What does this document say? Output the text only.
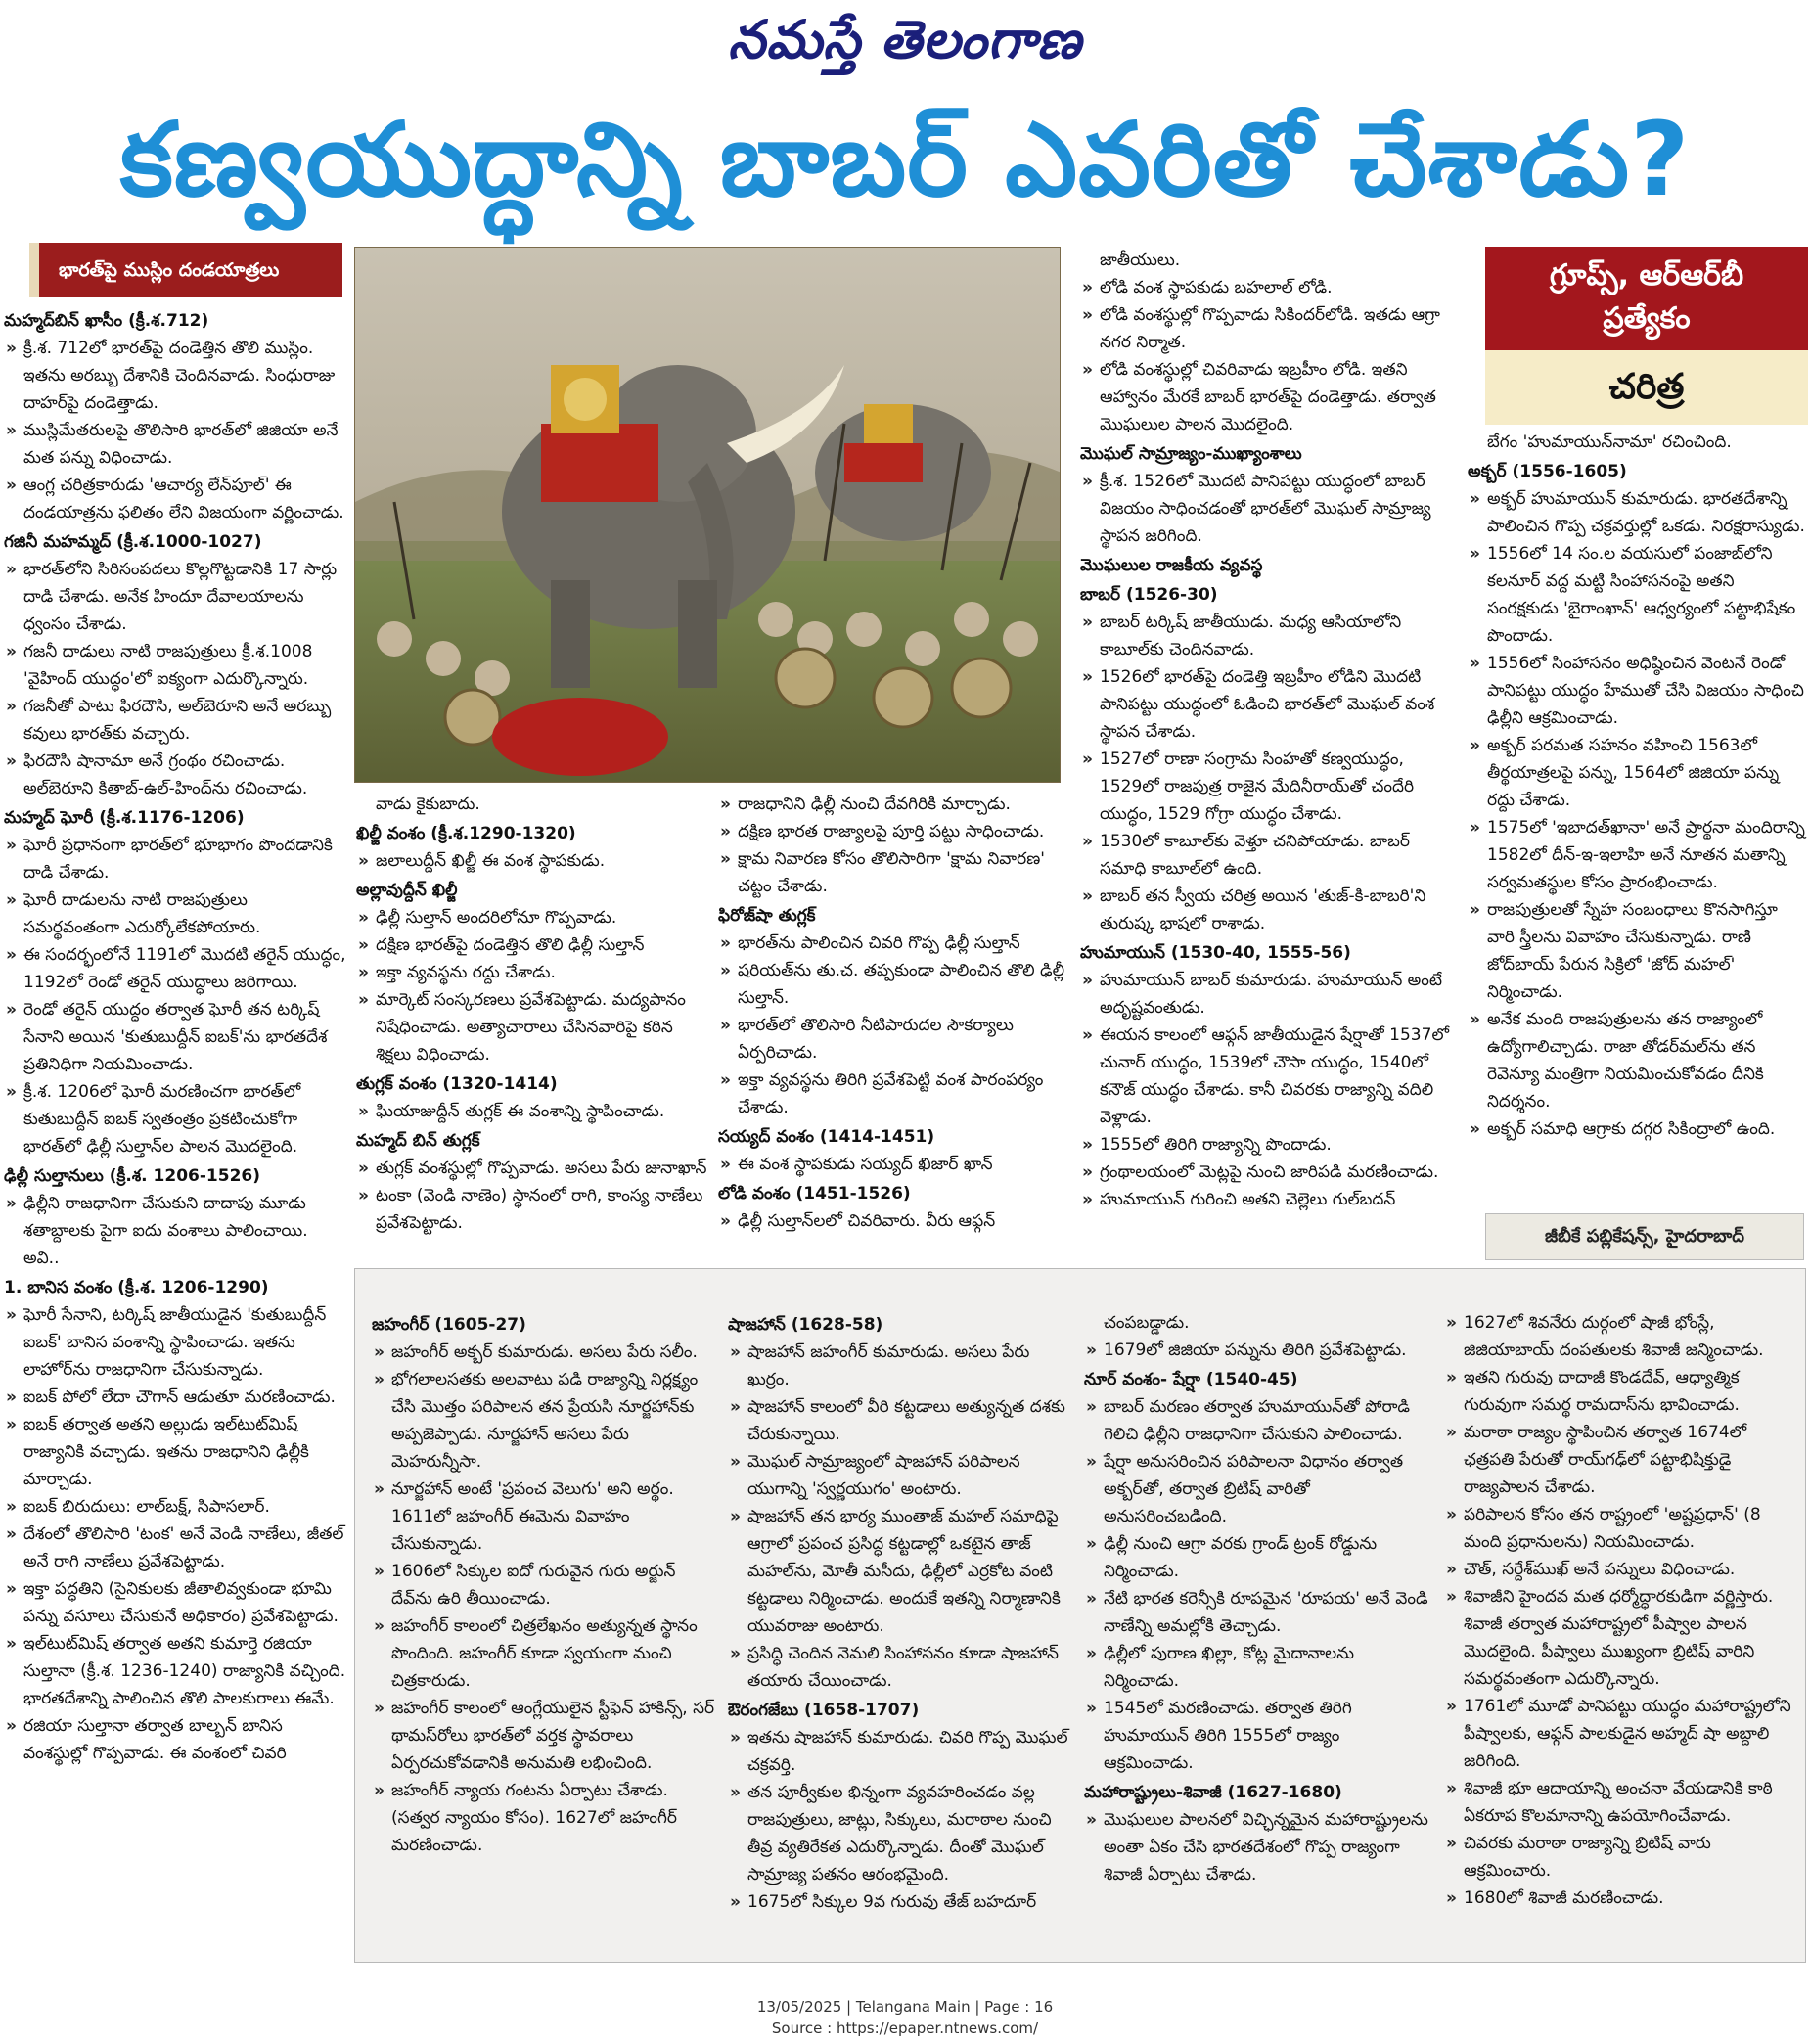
నమస్తే తెలంగాణ
కణ్వయుద్ధాన్ని బాబర్ ఎవరితో చేశాడు?
భారత్‌పై ముస్లిం దండయాత్రలు
మహ్మద్‌బిన్ ఖాసీం (క్రీ.శ.712)
» క్రీ.శ. 712లో భారత్‌పై దండెత్తిన తొలి ముస్లిం. ఇతను అరబ్బు దేశానికి చెందినవాడు. సింధురాజు దాహర్‌పై దండెత్తాడు.
» ముస్లిమేతరులపై తొలిసారి భారత్‌లో జిజియా అనే మత పన్ను విధించాడు.
» ఆంగ్ల చరిత్రకారుడు 'ఆచార్య లేన్‌పూల్' ఈ దండయాత్రను ఫలితం లేని విజయంగా వర్ణించాడు.
గజినీ మహమ్మద్ (క్రీ.శ.1000-1027)
» భారత్‌లోని సిరిసంపదలు కొల్లగొట్టడానికి 17 సార్లు దాడి చేశాడు. అనేక హిందూ దేవాలయాలను ధ్వంసం చేశాడు.
» గజనీ దాడులు నాటి రాజపుత్రులు క్రీ.శ.1008 'వైహింద్ యుద్ధం'లో ఐక్యంగా ఎదుర్కొన్నారు.
» గజనీతో పాటు ఫిరదౌసి, అల్‌బెరూని అనే అరబ్బు కవులు భారత్‌కు వచ్చారు.
» ఫిరదౌసి షానామా అనే గ్రంథం రచించాడు. అల్‌బెరూని కితాబ్-ఉల్-హింద్‌ను రచించాడు.
మహ్మద్ ఘోరీ (క్రీ.శ.1176-1206)
» ఘోరీ ప్రధానంగా భారత్‌లో భూభాగం పొందడానికి దాడి చేశాడు.
» ఘోరీ దాడులను నాటి రాజపుత్రులు సమర్థవంతంగా ఎదుర్కోలేకపోయారు.
» ఈ సందర్భంలోనే 1191లో మొదటి తరైన్ యుద్ధం, 1192లో రెండో తరైన్ యుద్ధాలు జరిగాయి.
» రెండో తరైన్ యుద్ధం తర్వాత ఘోరీ తన టర్కిష్ సేనాని అయిన 'కుతుబుద్దీన్ ఐబక్'ను భారతదేశ ప్రతినిధిగా నియమించాడు.
» క్రీ.శ. 1206లో ఘోరీ మరణించగా భారత్‌లో కుతుబుద్దీన్ ఐబక్ స్వతంత్రం ప్రకటించుకోగా భారత్‌లో ఢిల్లీ సుల్తాన్‌ల పాలన మొదలైంది.
ఢిల్లీ సుల్తానులు (క్రీ.శ. 1206-1526)
» ఢిల్లీని రాజధానిగా చేసుకుని దాదాపు మూడు శతాబ్దాలకు పైగా ఐదు వంశాలు పాలించాయి. అవి..
1. బానిస వంశం (క్రీ.శ. 1206-1290)
» ఘోరీ సేనాని, టర్కిష్ జాతీయుడైన 'కుతుబుద్దీన్ ఐబక్' బానిస వంశాన్ని స్థాపించాడు. ఇతను లాహోర్‌ను రాజధానిగా చేసుకున్నాడు.
» ఐబక్ పోలో లేదా చౌగాన్ ఆడుతూ మరణించాడు.
» ఐబక్ తర్వాత అతని అల్లుడు ఇల్‌టుట్‌మిష్ రాజ్యానికి వచ్చాడు. ఇతను రాజధానిని ఢిల్లీకి మార్చాడు.
» ఐబక్ బిరుదులు: లాల్‌బక్ష్, సిపాసలార్.
» దేశంలో తొలిసారి 'టంక' అనే వెండి నాణేలు, జీతల్ అనే రాగి నాణేలు ప్రవేశపెట్టాడు.
» ఇక్తా పద్ధతిని (సైనికులకు జీతాలివ్వకుండా భూమి పన్ను వసూలు చేసుకునే అధికారం) ప్రవేశపెట్టాడు.
» ఇల్‌టుట్‌మిష్ తర్వాత అతని కుమార్తె రజియా సుల్తానా (క్రీ.శ. 1236-1240) రాజ్యానికి వచ్చింది. భారతదేశాన్ని పాలించిన తొలి పాలకురాలు ఈమే.
» రజియా సుల్తానా తర్వాత బాల్బన్ బానిస వంశస్థుల్లో గొప్పవాడు. ఈ వంశంలో చివరి
వాడు కైకుబాదు.
ఖిల్జీ వంశం (క్రీ.శ.1290-1320)
» జలాలుద్దీన్ ఖిల్జీ ఈ వంశ స్థాపకుడు.
అల్లావుద్దీన్ ఖిల్జీ
» ఢిల్లీ సుల్తాన్ అందరిలోనూ గొప్పవాడు.
» దక్షిణ భారత్‌పై దండెత్తిన తొలి ఢిల్లీ సుల్తాన్
» ఇక్తా వ్యవస్థను రద్దు చేశాడు.
» మార్కెట్ సంస్కరణలు ప్రవేశపెట్టాడు. మద్యపానం నిషేధించాడు. అత్యాచారాలు చేసినవారిపై కఠిన శిక్షలు విధించాడు.
తుగ్లక్ వంశం (1320-1414)
» ఘియాజుద్దీన్ తుగ్లక్ ఈ వంశాన్ని స్థాపించాడు.
మహ్మద్ బిన్ తుగ్లక్
» తుగ్లక్ వంశస్థుల్లో గొప్పవాడు. అసలు పేరు జునాఖాన్
» టంకా (వెండి నాణెం) స్థానంలో రాగి, కాంస్య నాణేలు ప్రవేశపెట్టాడు.
» రాజధానిని ఢిల్లీ నుంచి దేవగిరికి మార్చాడు.
» దక్షిణ భారత రాజ్యాలపై పూర్తి పట్టు సాధించాడు.
» క్షామ నివారణ కోసం తొలిసారిగా 'క్షామ నివారణ' చట్టం చేశాడు.
ఫిరోజ్‌షా తుగ్లక్
» భారత్‌ను పాలించిన చివరి గొప్ప ఢిల్లీ సుల్తాన్
» షరియత్‌ను తు.చ. తప్పకుండా పాలించిన తొలి ఢిల్లీ సుల్తాన్.
» భారత్‌లో తొలిసారి నీటిపారుదల సౌకర్యాలు ఏర్పరిచాడు.
» ఇక్తా వ్యవస్థను తిరిగి ప్రవేశపెట్టి వంశ పారంపర్యం చేశాడు.
సయ్యద్ వంశం (1414-1451)
» ఈ వంశ స్థాపకుడు సయ్యద్ ఖిజార్ ఖాన్
లోడి వంశం (1451-1526)
» ఢిల్లీ సుల్తాన్‌లలో చివరివారు. వీరు ఆఫ్గన్
జాతీయులు.
» లోడి వంశ స్థాపకుడు బహలాల్ లోడి.
» లోడి వంశస్థుల్లో గొప్పవాడు సికిందర్‌లోడి. ఇతడు ఆగ్రా నగర నిర్మాత.
» లోడి వంశస్థుల్లో చివరివాడు ఇబ్రహీం లోడి. ఇతని ఆహ్వానం మేరకే బాబర్ భారత్‌పై దండెత్తాడు. తర్వాత మొఘలుల పాలన మొదలైంది.
మొఘల్ సామ్రాజ్యం-ముఖ్యాంశాలు
» క్రీ.శ. 1526లో మొదటి పానిపట్టు యుద్ధంలో బాబర్ విజయం సాధించడంతో భారత్‌లో మొఘల్ సామ్రాజ్య స్థాపన జరిగింది.
మొఘలుల రాజకీయ వ్యవస్థ
బాబర్ (1526-30)
» బాబర్ టర్కిష్ జాతీయుడు. మధ్య ఆసియాలోని కాబూల్‌కు చెందినవాడు.
» 1526లో భారత్‌పై దండెత్తి ఇబ్రహీం లోడిని మొదటి పానిపట్టు యుద్ధంలో ఓడించి భారత్‌లో మొఘల్ వంశ స్థాపన చేశాడు.
» 1527లో రాణా సంగ్రామ సింహతో కణ్వయుద్ధం, 1529లో రాజపుత్ర రాజైన మేదినీరాయ్‌తో చందేరి యుద్ధం, 1529 గోగ్రా యుద్ధం చేశాడు.
» 1530లో కాబూల్‌కు వెళ్తూ చనిపోయాడు. బాబర్ సమాధి కాబూల్‌లో ఉంది.
» బాబర్ తన స్వీయ చరిత్ర అయిన 'తుజ్-కి-బాబరి'ని తురుష్క భాషలో రాశాడు.
హుమాయున్ (1530-40, 1555-56)
» హుమాయున్ బాబర్ కుమారుడు. హుమాయున్ అంటే అదృష్టవంతుడు.
» ఈయన కాలంలో ఆఫ్గన్ జాతీయుడైన షేర్షాతో 1537లో చునార్ యుద్ధం, 1539లో చౌసా యుద్ధం, 1540లో కనౌజ్ యుద్ధం చేశాడు. కానీ చివరకు రాజ్యాన్ని వదిలి వెళ్లాడు.
» 1555లో తిరిగి రాజ్యాన్ని పొందాడు.
» గ్రంథాలయంలో మెట్లపై నుంచి జారిపడి మరణించాడు.
» హుమాయున్ గురించి అతని చెల్లెలు గుల్‌బదన్
గ్రూప్స్, ఆర్ఆర్‌బీ
ప్రత్యేకం
చరిత్ర
బేగం 'హుమాయున్‌నామా' రచించింది.
అక్బర్ (1556-1605)
» అక్బర్ హుమాయున్ కుమారుడు. భారతదేశాన్ని పాలించిన గొప్ప చక్రవర్తుల్లో ఒకడు. నిరక్షరాస్యుడు.
» 1556లో 14 సం.ల వయసులో పంజాబ్‌లోని కలనూర్ వద్ద మట్టి సింహాసనంపై అతని సంరక్షకుడు 'బైరాంఖాన్' ఆధ్వర్యంలో పట్టాభిషేకం పొందాడు.
» 1556లో సింహాసనం అధిష్ఠించిన వెంటనే రెండో పానిపట్టు యుద్ధం హేముతో చేసి విజయం సాధించి ఢిల్లీని ఆక్రమించాడు.
» అక్బర్ పరమత సహనం వహించి 1563లో తీర్థయాత్రలపై పన్ను, 1564లో జిజియా పన్ను రద్దు చేశాడు.
» 1575లో 'ఇబాదత్‌ఖానా' అనే ప్రార్థనా మందిరాన్ని 1582లో దీన్-ఇ-ఇలాహి అనే నూతన మతాన్ని సర్వమతస్థుల కోసం ప్రారంభించాడు.
» రాజపుత్రులతో స్నేహ సంబంధాలు కొనసాగిస్తూ వారి స్త్రీలను వివాహం చేసుకున్నాడు. రాణి జోద్‌బాయ్ పేరున సిక్రిలో 'జోద్ మహల్' నిర్మించాడు.
» అనేక మంది రాజపుత్రులను తన రాజ్యాంలో ఉద్యోగాలిచ్చాడు. రాజా తోడర్‌మల్‌ను తన రెవెన్యూ మంత్రిగా నియమించుకోవడం దీనికి నిదర్శనం.
» అక్బర్ సమాధి ఆగ్రాకు దగ్గర సికింద్రాలో ఉంది.
జీబీకే పబ్లికేషన్స్, హైదరాబాద్
జహంగీర్ (1605-27)
» జహంగీర్ అక్బర్ కుమారుడు. అసలు పేరు సలీం.
» భోగలాలసతకు అలవాటు పడి రాజ్యాన్ని నిర్లక్ష్యం చేసి మొత్తం పరిపాలన తన ప్రేయసి నూర్జహాన్‌కు అప్పజెప్పాడు. నూర్జహాన్ అసలు పేరు మెహరున్నీసా.
» నూర్జహాన్ అంటే 'ప్రపంచ వెలుగు' అని అర్థం. 1611లో జహంగీర్ ఈమెను వివాహం చేసుకున్నాడు.
» 1606లో సిక్కుల ఐదో గురువైన గురు అర్జున్ దేవ్‌ను ఉరి తీయించాడు.
» జహంగీర్ కాలంలో చిత్రలేఖనం అత్యున్నత స్థానం పొందింది. జహంగీర్ కూడా స్వయంగా మంచి చిత్రకారుడు.
» జహంగీర్ కాలంలో ఆంగ్లేయులైన స్టీఫెన్ హాకిన్స్, సర్ థామస్‌రోలు భారత్‌లో వర్తక స్థావరాలు ఏర్పరచుకోవడానికి అనుమతి లభించింది.
» జహంగీర్ న్యాయ గంటను ఏర్పాటు చేశాడు. (సత్వర న్యాయం కోసం). 1627లో జహంగీర్ మరణించాడు.
షాజహాన్ (1628-58)
» షాజహాన్ జహంగీర్ కుమారుడు. అసలు పేరు ఖుర్రం.
» షాజహాన్ కాలంలో వీరి కట్టడాలు అత్యున్నత దశకు చేరుకున్నాయి.
» మొఘల్ సామ్రాజ్యంలో షాజహాన్ పరిపాలన యుగాన్ని 'స్వర్ణయుగం' అంటారు.
» షాజహాన్ తన భార్య ముంతాజ్ మహల్ సమాధిపై ఆగ్రాలో ప్రపంచ ప్రసిద్ధ కట్టడాల్లో ఒకటైన తాజ్ మహల్‌ను, మోతీ మసీదు, ఢిల్లీలో ఎర్రకోట వంటి కట్టడాలు నిర్మించాడు. అందుకే ఇతన్ని నిర్మాణానికి యువరాజు అంటారు.
» ప్రసిద్ధి చెందిన నెమలి సింహాసనం కూడా షాజహాన్ తయారు చేయించాడు.
ఔరంగజేబు (1658-1707)
» ఇతను షాజహాన్ కుమారుడు. చివరి గొప్ప మొఘల్ చక్రవర్తి.
» తన పూర్వీకుల భిన్నంగా వ్యవహరించడం వల్ల రాజపుత్రులు, జాట్లు, సిక్కులు, మరాఠాల నుంచి తీవ్ర వ్యతిరేకత ఎదుర్కొన్నాడు. దీంతో మొఘల్ సామ్రాజ్య పతనం ఆరంభమైంది.
» 1675లో సిక్కుల 9వ గురువు తేజ్ బహదూర్
చంపబడ్డాడు.
» 1679లో జిజియా పన్నును తిరిగి ప్రవేశపెట్టాడు.
నూర్ వంశం- షేర్షా (1540-45)
» బాబర్ మరణం తర్వాత హుమాయున్‌తో పోరాడి గెలిచి ఢిల్లీని రాజధానిగా చేసుకుని పాలించాడు.
» షేర్షా అనుసరించిన పరిపాలనా విధానం తర్వాత అక్బర్‌తో, తర్వాత బ్రిటిష్ వారితో అనుసరించబడింది.
» ఢిల్లీ నుంచి ఆగ్రా వరకు గ్రాండ్ ట్రంక్ రోడ్డును నిర్మించాడు.
» నేటి భారత కరెన్సీకి రూపమైన 'రూపయ' అనే వెండి నాణేన్ని అమల్లోకి తెచ్చాడు.
» ఢిల్లీలో పురాణ ఖిల్లా, కోట్ల మైదానాలను నిర్మించాడు.
» 1545లో మరణించాడు. తర్వాత తిరిగి హుమాయున్ తిరిగి 1555లో రాజ్యం ఆక్రమించాడు.
మహారాష్ట్రులు-శివాజీ (1627-1680)
» మొఘలుల పాలనలో విచ్ఛిన్నమైన మహారాష్ట్రులను అంతా ఏకం చేసి భారతదేశంలో గొప్ప రాజ్యంగా శివాజీ ఏర్పాటు చేశాడు.
» 1627లో శివనేరు దుర్గంలో షాజీ భోంస్లే, జిజియాబాయ్ దంపతులకు శివాజీ జన్మించాడు.
» ఇతని గురువు దాదాజీ కొండదేవ్, ఆధ్యాత్మిక గురువుగా సమర్థ రామదాస్‌ను భావించాడు.
» మరాఠా రాజ్యం స్థాపించిన తర్వాత 1674లో ఛత్రపతి పేరుతో రాయ్‌గఢ్‌లో పట్టాభిషిక్తుడై రాజ్యపాలన చేశాడు.
» పరిపాలన కోసం తన రాష్ట్రంలో 'అష్టప్రధాన్' (8 మంది ప్రధానులను) నియమించాడు.
» చౌత్, సర్దేశ్‌ముఖ్ అనే పన్నులు విధించాడు.
» శివాజీని హైందవ మత ధర్మోద్ధారకుడిగా వర్ణిస్తారు. శివాజీ తర్వాత మహారాష్ట్రలో పీష్వాల పాలన మొదలైంది. పీష్వాలు ముఖ్యంగా బ్రిటిష్ వారిని సమర్థవంతంగా ఎదుర్కొన్నారు.
» 1761లో మూడో పానిపట్టు యుద్ధం మహారాష్ట్రలోని పీష్వాలకు, ఆఫ్గన్ పాలకుడైన అహ్మద్ షా అబ్దాలి జరిగింది.
» శివాజీ భూ ఆదాయాన్ని అంచనా వేయడానికి కాఠి ఏకరూప కొలమానాన్ని ఉపయోగించేవాడు.
» చివరకు మరాఠా రాజ్యాన్ని బ్రిటిష్ వారు ఆక్రమించారు.
» 1680లో శివాజీ మరణించాడు.
13/05/2025 | Telangana Main | Page : 16
Source : https://epaper.ntnews.com/
